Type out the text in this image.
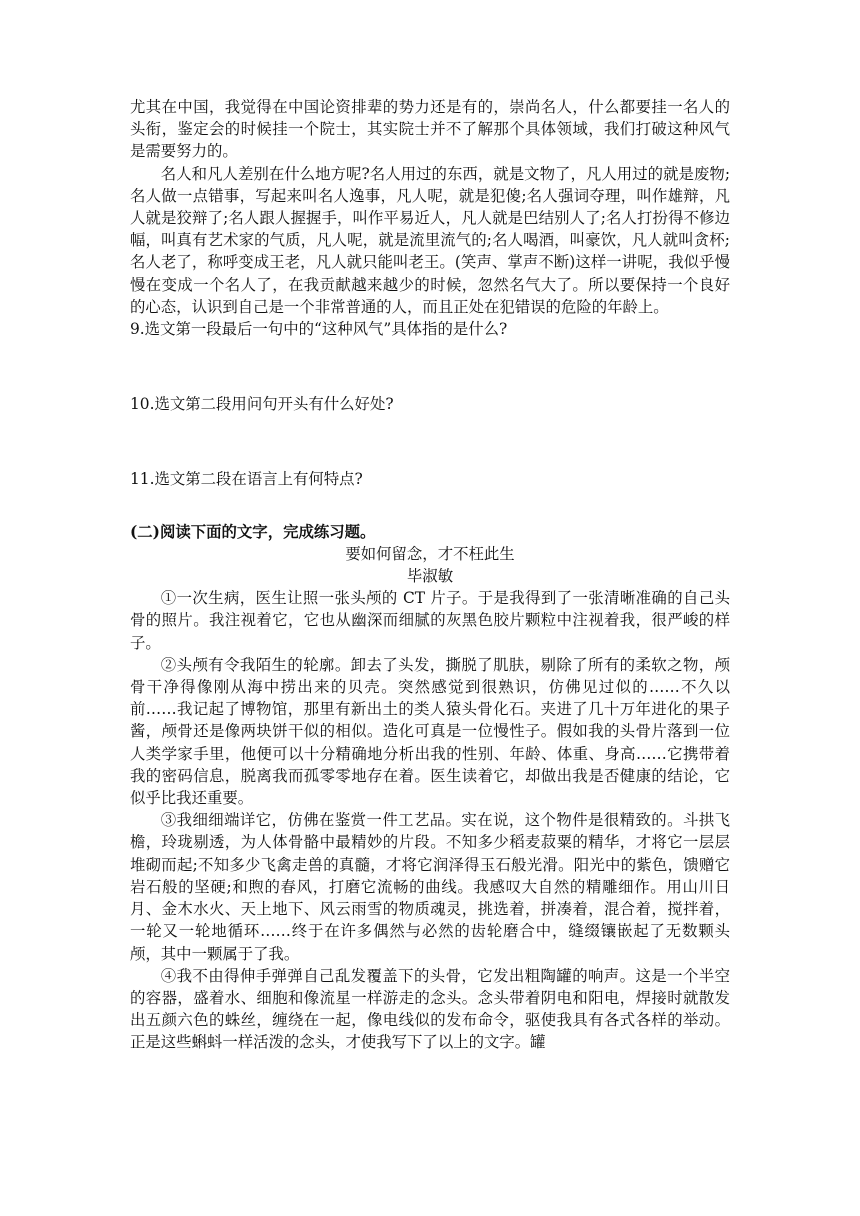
尤其在中国，我觉得在中国论资排辈的势力还是有的，崇尚名人，什么都要挂一名人的头衔，鉴定会的时候挂一个院士，其实院士并不了解那个具体领域，我们打破这种风气是需要努力的。

名人和凡人差别在什么地方呢?名人用过的东西，就是文物了，凡人用过的就是废物;名人做一点错事，写起来叫名人逸事，凡人呢，就是犯傻;名人强词夺理，叫作雄辩，凡人就是狡辩了;名人跟人握握手，叫作平易近人，凡人就是巴结别人了;名人打扮得不修边幅，叫真有艺术家的气质，凡人呢，就是流里流气的;名人喝酒，叫豪饮，凡人就叫贪杯;名人老了，称呼变成王老，凡人就只能叫老王。(笑声、掌声不断)这样一讲呢，我似乎慢慢在变成一个名人了，在我贡献越来越少的时候，忽然名气大了。所以要保持一个良好的心态，认识到自己是一个非常普通的人，而且正处在犯错误的危险的年龄上。

9.选文第一段最后一句中的“这种风气”具体指的是什么?

10.选文第二段用问句开头有什么好处?

11.选文第二段在语言上有何特点?

(二)阅读下面的文字，完成练习题。

要如何留念，才不枉此生

毕淑敏

①一次生病，医生让照一张头颅的 CT 片子。于是我得到了一张清晰准确的自己头骨的照片。我注视着它，它也从幽深而细腻的灰黑色胶片颗粒中注视着我，很严峻的样子。

②头颅有令我陌生的轮廓。卸去了头发，撕脱了肌肤，剔除了所有的柔软之物，颅骨干净得像刚从海中捞出来的贝壳。突然感觉到很熟识，仿佛见过似的……不久以前……我记起了博物馆，那里有新出土的类人猿头骨化石。夹进了几十万年进化的果子酱，颅骨还是像两块饼干似的相似。造化可真是一位慢性子。假如我的头骨片落到一位人类学家手里，他便可以十分精确地分析出我的性别、年龄、体重、身高……它携带着我的密码信息，脱离我而孤零零地存在着。医生读着它，却做出我是否健康的结论，它似乎比我还重要。

③我细细端详它，仿佛在鉴赏一件工艺品。实在说，这个物件是很精致的。斗拱飞檐，玲珑剔透，为人体骨骼中最精妙的片段。不知多少稻麦菽粟的精华，才将它一层层堆砌而起;不知多少飞禽走兽的真髓，才将它润泽得玉石般光滑。阳光中的紫色，馈赠它岩石般的坚硬;和煦的春风，打磨它流畅的曲线。我感叹大自然的精雕细作。用山川日月、金木水火、天上地下、风云雨雪的物质魂灵，挑选着，拼凑着，混合着，搅拌着，一轮又一轮地循环……终于在许多偶然与必然的齿轮磨合中，缝缀镶嵌起了无数颗头颅，其中一颗属于了我。

④我不由得伸手弹弹自己乱发覆盖下的头骨，它发出粗陶罐的响声。这是一个半空的容器，盛着水、细胞和像流星一样游走的念头。念头带着阴电和阳电，焊接时就散发出五颜六色的蛛丝，缠绕在一起，像电线似的发布命令，驱使我具有各式各样的举动。正是这些蝌蚪一样活泼的念头，才使我写下了以上的文字。罐
